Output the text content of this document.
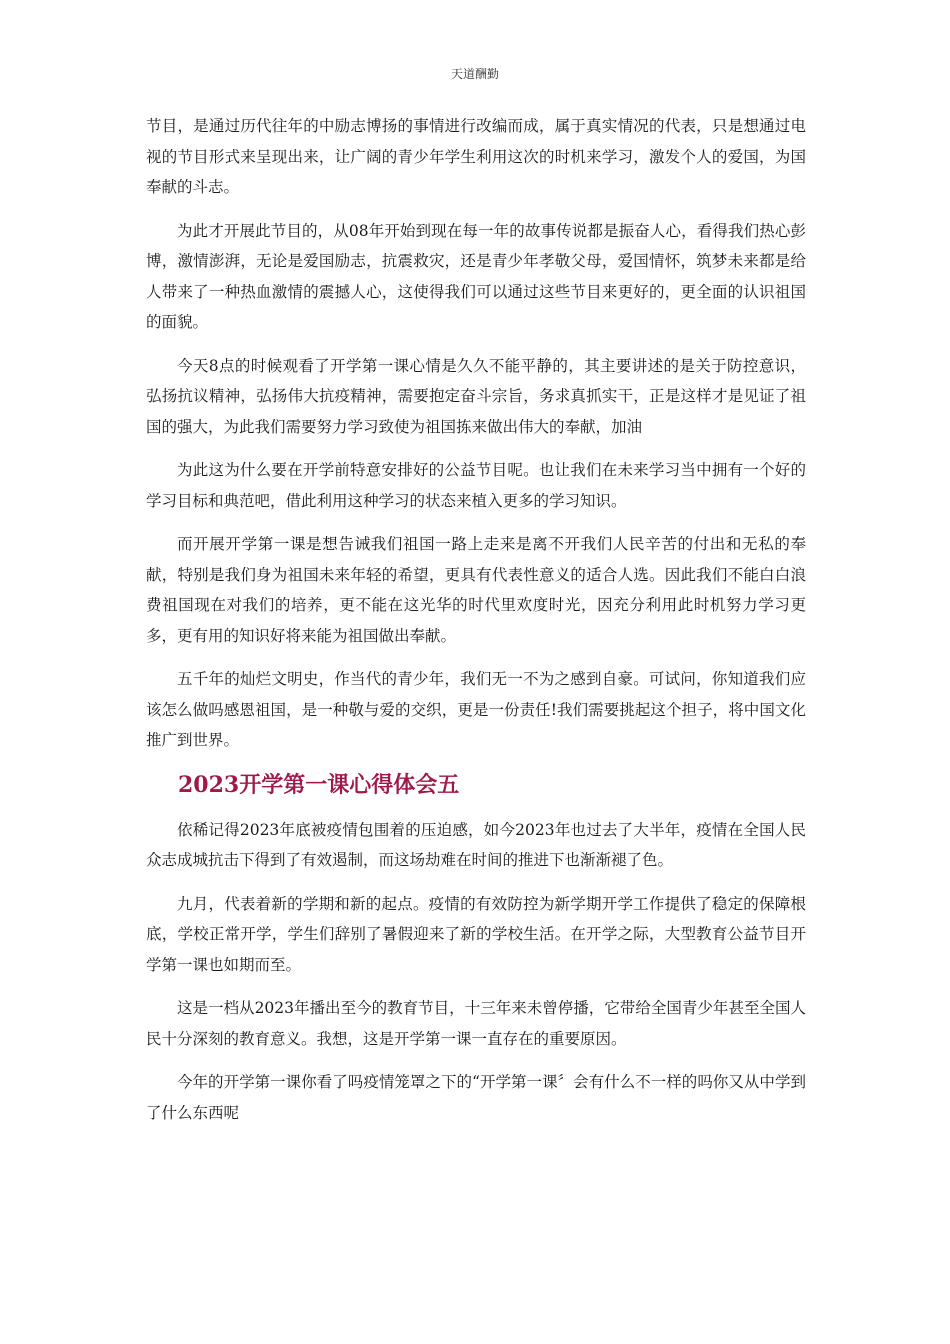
天道酬勤

节目，是通过历代往年的中励志博扬的事情进行改编而成，属于真实情况的代表，只是想通过电视的节目形式来呈现出来，让广阔的青少年学生利用这次的时机来学习，激发个人的爱国，为国奉献的斗志。

为此才开展此节目的，从08年开始到现在每一年的故事传说都是振奋人心，看得我们热心彭博，激情澎湃，无论是爱国励志，抗震救灾，还是青少年孝敬父母，爱国情怀，筑梦未来都是给人带来了一种热血激情的震撼人心，这使得我们可以通过这些节目来更好的，更全面的认识祖国的面貌。

今天8点的时候观看了开学第一课心情是久久不能平静的，其主要讲述的是关于防控意识，弘扬抗议精神，弘扬伟大抗疫精神，需要抱定奋斗宗旨，务求真抓实干，正是这样才是见证了祖国的强大，为此我们需要努力学习致使为祖国拣来做出伟大的奉献，加油

为此这为什么要在开学前特意安排好的公益节目呢。也让我们在未来学习当中拥有一个好的学习目标和典范吧，借此利用这种学习的状态来植入更多的学习知识。

而开展开学第一课是想告诫我们祖国一路上走来是离不开我们人民辛苦的付出和无私的奉献，特别是我们身为祖国未来年轻的希望，更具有代表性意义的适合人选。因此我们不能白白浪费祖国现在对我们的培养，更不能在这光华的时代里欢度时光，因充分利用此时机努力学习更多，更有用的知识好将来能为祖国做出奉献。

五千年的灿烂文明史，作当代的青少年，我们无一不为之感到自豪。可试问，你知道我们应该怎么做吗感恩祖国，是一种敬与爱的交织，更是一份责任!我们需要挑起这个担子，将中国文化推广到世界。

2023开学第一课心得体会五

依稀记得2023年底被疫情包围着的压迫感，如今2023年也过去了大半年，疫情在全国人民众志成城抗击下得到了有效遏制，而这场劫难在时间的推进下也渐渐褪了色。

九月，代表着新的学期和新的起点。疫情的有效防控为新学期开学工作提供了稳定的保障根底，学校正常开学，学生们辞别了暑假迎来了新的学校生活。在开学之际，大型教育公益节目开学第一课也如期而至。

这是一档从2023年播出至今的教育节目，十三年来未曾停播，它带给全国青少年甚至全国人民十分深刻的教育意义。我想，这是开学第一课一直存在的重要原因。

今年的开学第一课你看了吗疫情笼罩之下的“开学第一课〞会有什么不一样的吗你又从中学到了什么东西呢
